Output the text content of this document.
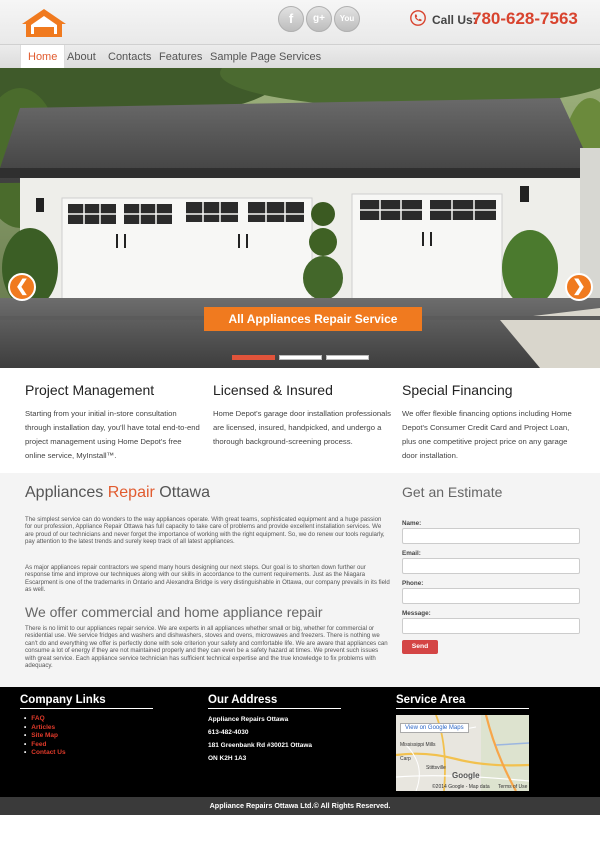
f	g+	You	Call Us:
780-628-7563
Home About	Contacts Features Sample Page Services
❮	❯
All Appliances Repair Service
Project Management

Starting from your initial in-store consultation through installation day, you'll have total end-to-end project management using Home Depot's free online service, MyInstall™.

Licensed & Insured

Home Depot's garage door installation professionals are licensed, insured, handpicked, and undergo a thorough background-screening process.

Special Financing

We offer flexible financing options including Home Depot's Consumer Credit Card and Project Loan, plus one competitive project price on any garage door installation.

Appliances Repair Ottawa

The simplest service can do wonders to the way appliances operate. With great teams, sophisticated equipment and a huge passion for our profession, Appliance Repair Ottawa has full capacity to take care of problems and provide excellent installation services. We are proud of our technicians and never forget the importance of working with the right equipment. So, we do renew our tools regularly, pay attention to the latest trends and surely keep track of all latest appliances.

As major appliances repair contractors we spend many hours designing our next steps. Our goal is to shorten down further our response time and improve our techniques along with our skills in accordance to the current requirements. Just as the Niagara Escarpment is one of the trademarks in Ontario and Alexandra Bridge is very distinguishable in Ottawa, our company prevails in its field as well.

We offer commercial and home appliance repair

There is no limit to our appliances repair service. We are experts in all appliances whether small or big, whether for commercial or residential use. We service fridges and washers and dishwashers, stoves and ovens, microwaves and freezers. There is nothing we can't do and everything we offer is perfectly done with sole criterion your safety and comfortable life. We are aware that appliances can consume a lot of energy if they are not maintained properly and they can even be a safety hazard at times. We prevent such issues with great service. Each appliance service technician has sufficient technical expertise and the true knowledge to fix problems with adequacy.

Get an Estimate
Name:
Email:
Phone:
Message:
Send
Company Links
• FAQ
• Articles
• Site Map
• Feed
• Contact Us
Our Address
Appliance Repairs Ottawa
613-482-4030
181 Greenbank Rd #30021 Ottawa
ON K2H 1A3
Service Area
View on Google Maps
Mississippi Mills
Carp
Stittsville
Google
©2014 Google - Map data Terms of Use
Appliance Repairs Ottawa Ltd.© All Rights Reserved.
